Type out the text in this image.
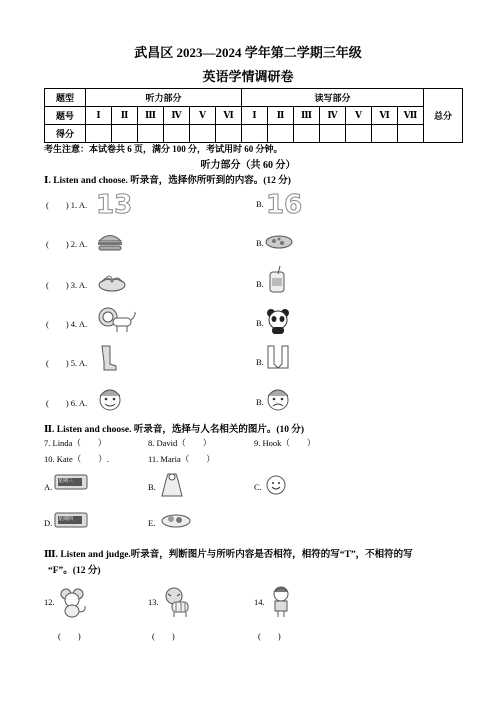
武昌区 2023—2024 学年第二学期三年级
英语学情调研卷
题型	听力部分						读写部分							总分
题号	Ⅰ	Ⅱ	Ⅲ	Ⅳ	Ⅴ	Ⅵ	Ⅰ	Ⅱ	Ⅲ	Ⅳ	Ⅴ	Ⅵ	Ⅶ	
得分														
考生注意：本试卷共 6 页，满分 100 分，考试用时 60 分钟。
听力部分（共 60 分）
Ⅰ. Listen and choose. 听录音，选择你所听到的内容。(12 分)
(　　) 1. A. 13	B. 16
(　　) 2. A.	B.
(　　) 3. A.	B.
(　　) 4. A.	B.
(　　) 5. A.	B.
(　　) 6. A.	B.
Ⅱ. Listen and choose. 听录音，选择与人名相关的图片。(10 分)
7. Linda（　　）	8. David（　　）	9. Hook（　　）
10. Kate（　　）.	11. Maria（　　）
A.
星期三
B.	C.
D. 星期四	E.
Ⅲ. Listen and judge.听录音，判断图片与所听内容是否相符，相符的写“T”，不相符的写
“F”。(12 分)
12.
(　　)
13.
(　　)
14.
(　　)
